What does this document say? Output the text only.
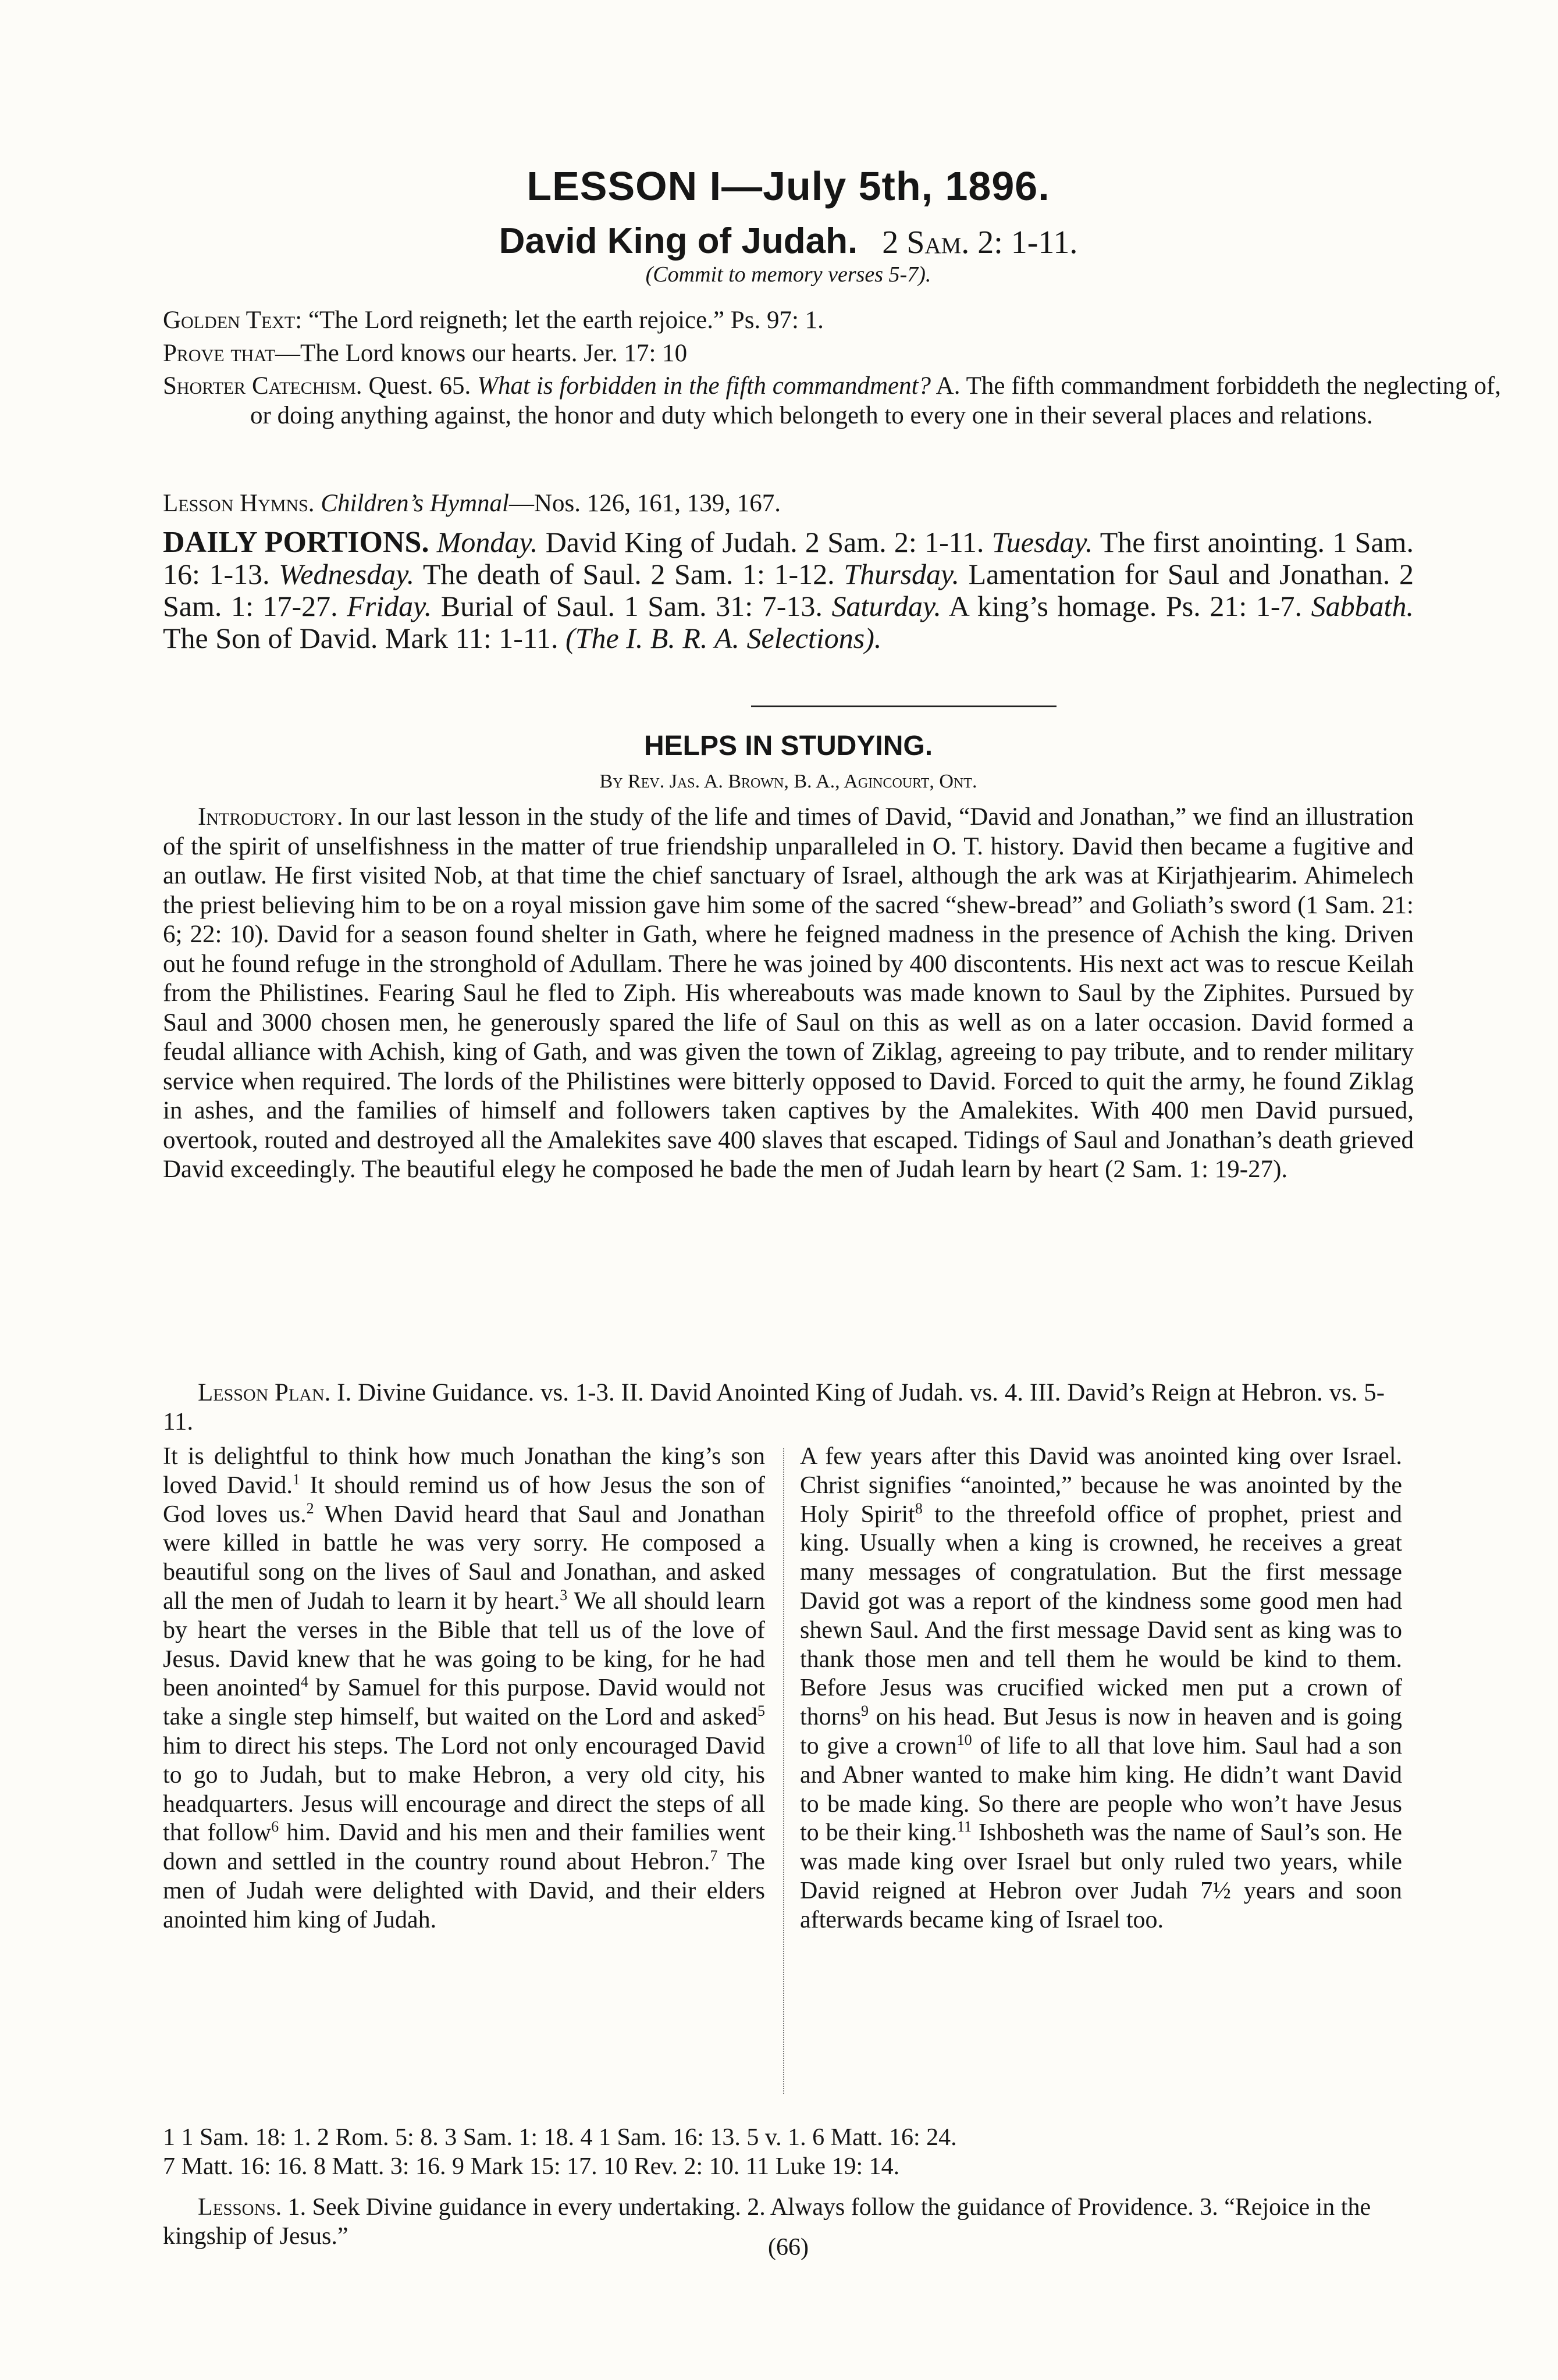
LESSON I—July 5th, 1896.
David King of Judah. 2 Sam. 2: 1-11.
(Commit to memory verses 5-7).
Golden Text: “The Lord reigneth; let the earth rejoice.” Ps. 97: 1.
Prove that—The Lord knows our hearts. Jer. 17: 10
Shorter Catechism. Quest. 65. What is forbidden in the fifth commandment? A. The fifth commandment forbiddeth the neglecting of, or doing anything against, the honor and duty which belongeth to every one in their several places and relations.
Lesson Hymns. Children’s Hymnal—Nos. 126, 161, 139, 167.
DAILY PORTIONS. Monday. David King of Judah. 2 Sam. 2: 1-11. Tuesday. The first anointing. 1 Sam. 16: 1-13. Wednesday. The death of Saul. 2 Sam. 1: 1-12. Thursday. Lamentation for Saul and Jonathan. 2 Sam. 1: 17-27. Friday. Burial of Saul. 1 Sam. 31: 7-13. Saturday. A king’s homage. Ps. 21: 1-7. Sabbath. The Son of David. Mark 11: 1-11. (The I. B. R. A. Selections).
HELPS IN STUDYING.
By Rev. Jas. A. Brown, B. A., Agincourt, Ont.

Introductory. In our last lesson in the study of the life and times of David, “David and Jonathan,” we find an illustration of the spirit of unselfishness in the matter of true friendship unparalleled in O. T. history. David then became a fugitive and an outlaw. He first visited Nob, at that time the chief sanctuary of Israel, although the ark was at Kirjathjearim. Ahimelech the priest believing him to be on a royal mission gave him some of the sacred “shew-bread” and Goliath’s sword (1 Sam. 21: 6; 22: 10). David for a season found shelter in Gath, where he feigned madness in the presence of Achish the king. Driven out he found refuge in the stronghold of Adullam. There he was joined by 400 discontents. His next act was to rescue Keilah from the Philistines. Fearing Saul he fled to Ziph. His whereabouts was made known to Saul by the Ziphites. Pursued by Saul and 3000 chosen men, he generously spared the life of Saul on this as well as on a later occasion. David formed a feudal alliance with Achish, king of Gath, and was given the town of Ziklag, agreeing to pay tribute, and to render military service when required. The lords of the Philistines were bitterly opposed to David. Forced to quit the army, he found Ziklag in ashes, and the families of himself and followers taken captives by the Amalekites. With 400 men David pursued, overtook, routed and destroyed all the Amalekites save 400 slaves that escaped. Tidings of Saul and Jonathan’s death grieved David exceedingly. The beautiful elegy he composed he bade the men of Judah learn by heart (2 Sam. 1: 19-27).

Lesson Plan. I. Divine Guidance. vs. 1-3. II. David Anointed King of Judah. vs. 4. III. David’s Reign at Hebron. vs. 5-11.

It is delightful to think how much Jonathan the king’s son loved David.$^1$ It should remind us of how Jesus the son of God loves us.$^2$ When David heard that Saul and Jonathan were killed in battle he was very sorry. He composed a beautiful song on the lives of Saul and Jonathan, and asked all the men of Judah to learn it by heart.$^3$ We all should learn by heart the verses in the Bible that tell us of the love of Jesus. David knew that he was going to be king, for he had been anointed$^4$ by Samuel for this purpose. David would not take a single step himself, but waited on the Lord and asked$^5$ him to direct his steps. The Lord not only encouraged David to go to Judah, but to make Hebron, a very old city, his headquarters. Jesus will encourage and direct the steps of all that follow$^6$ him. David and his men and their families went down and settled in the country round about Hebron.$^7$ The men of Judah were delighted with David, and their elders anointed him king of Judah.

A few years after this David was anointed king over Israel. Christ signifies “anointed,” because he was anointed by the Holy Spirit$^8$ to the threefold office of prophet, priest and king. Usually when a king is crowned, he receives a great many messages of congratulation. But the first message David got was a report of the kindness some good men had shewn Saul. And the first message David sent as king was to thank those men and tell them he would be kind to them. Before Jesus was crucified wicked men put a crown of thorns$^9$ on his head. But Jesus is now in heaven and is going to give a crown$^{10}$ of life to all that love him. Saul had a son and Abner wanted to make him king. He didn’t want David to be made king. So there are people who won’t have Jesus to be their king.$^{11}$ Ishbosheth was the name of Saul’s son. He was made king over Israel but only ruled two years, while David reigned at Hebron over Judah 7½ years and soon afterwards became king of Israel too.

1 1 Sam. 18: 1. 2 Rom. 5: 8. 3 Sam. 1: 18. 4 1 Sam. 16: 13. 5 v. 1. 6 Matt. 16: 24.
7 Matt. 16: 16. 8 Matt. 3: 16. 9 Mark 15: 17. 10 Rev. 2: 10. 11 Luke 19: 14.
Lessons. 1. Seek Divine guidance in every undertaking. 2. Always follow the guidance of Providence. 3. “Rejoice in the kingship of Jesus.”	(66)
